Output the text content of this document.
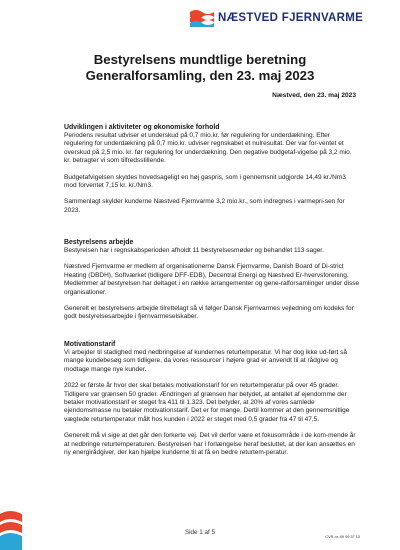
NÆSTVED FJERNVARME
Bestyrelsens mundtlige beretning
Generalforsamling, den 23. maj 2023
Næstved, den 23. maj 2023

Udviklingen i aktiviteter og økonomiske forhold

Periodens resultat udviser et underskud på 0,7 mio.kr. før regulering for underdækning. Efter regulering for underdækning på 0,7 mio.kr. udviser regnskabet et nulresultat. Der var for-ventet et overskud på 2,5 mio. kr. før regulering for underdækning. Den negative budgetaf-vigelse på 3,2 mio. kr. betragter vi som tilfredsstillende.

Budgetafvigelsen skyldes hovedsageligt en høj gaspris, som i gennemsnit udgjorde 14,49 kr./Nm3 mod forventet 7,15 kr. kr./Nm3.

Sammenlagt skylder kunderne Næstved Fjernvarme 3,2 mio.kr., som indregnes i varmepri-sen for 2023.

Bestyrelsens arbejde

Bestyrelsen har i regnskabsperioden afholdt 11 bestyrelsesmøder og behandlet 113 sager.

Næstved Fjernvarme er medlem af organisationerne Dansk Fjernvarme, Danish Board of Di-strict Heating (DBDH), Softværket (tidligere DFF-EDB), Decentral Energi og Næstved Er-hvervsforening. Medlemmer af bestyrelsen har deltaget i en række arrangementer og gene-ralforsamlinger under disse organisationer.

Generelt er bestyrelsens arbejde tilrettelagt så vi følger Dansk Fjernvarmes vejledning om kodeks for godt bestyrelsesarbejde i fjernvarmeselskaber.

Motivationstarif

Vi arbejder til stadighed med nedbringelse af kundernes returtemperatur. Vi har dog ikke ud-ført så mange kundebesøg som tidligere, da vores ressourcer i højere grad er anvendt til at rådgive og modtage mange nye kunder.

2022 er første år hvor der skal betales motivationstarif for en returtemperatur på over 45 grader. Tidligere var grænsen 50 grader. Ændringen af grænsen har betydet, at antallet af ejendomme der betaler motivationstarif er steget fra 411 til 1.323. Det betyder, at 20% af vores samlede ejendomsmasse nu betaler motivationstarif. Det er for mange. Dertil kommer at den gennemsnitlige vægtede returtemperatur målt hos kunden i 2022 er steget med 0,5 grader fra 47 til 47,5.

Generelt må vi sige at det går den forkerte vej. Det vil derfor være et fokusområde i de kom-mende år at nedbringe returtemperaturen. Bestyrelsen har i forlængelse heraf besluttet, at der kan ansættes en ny energirådgiver, der kan hjælpe kunderne til at få en bedre returtem-peratur.

Side 1 af 5
CVR-nr. 69 99 57 13
